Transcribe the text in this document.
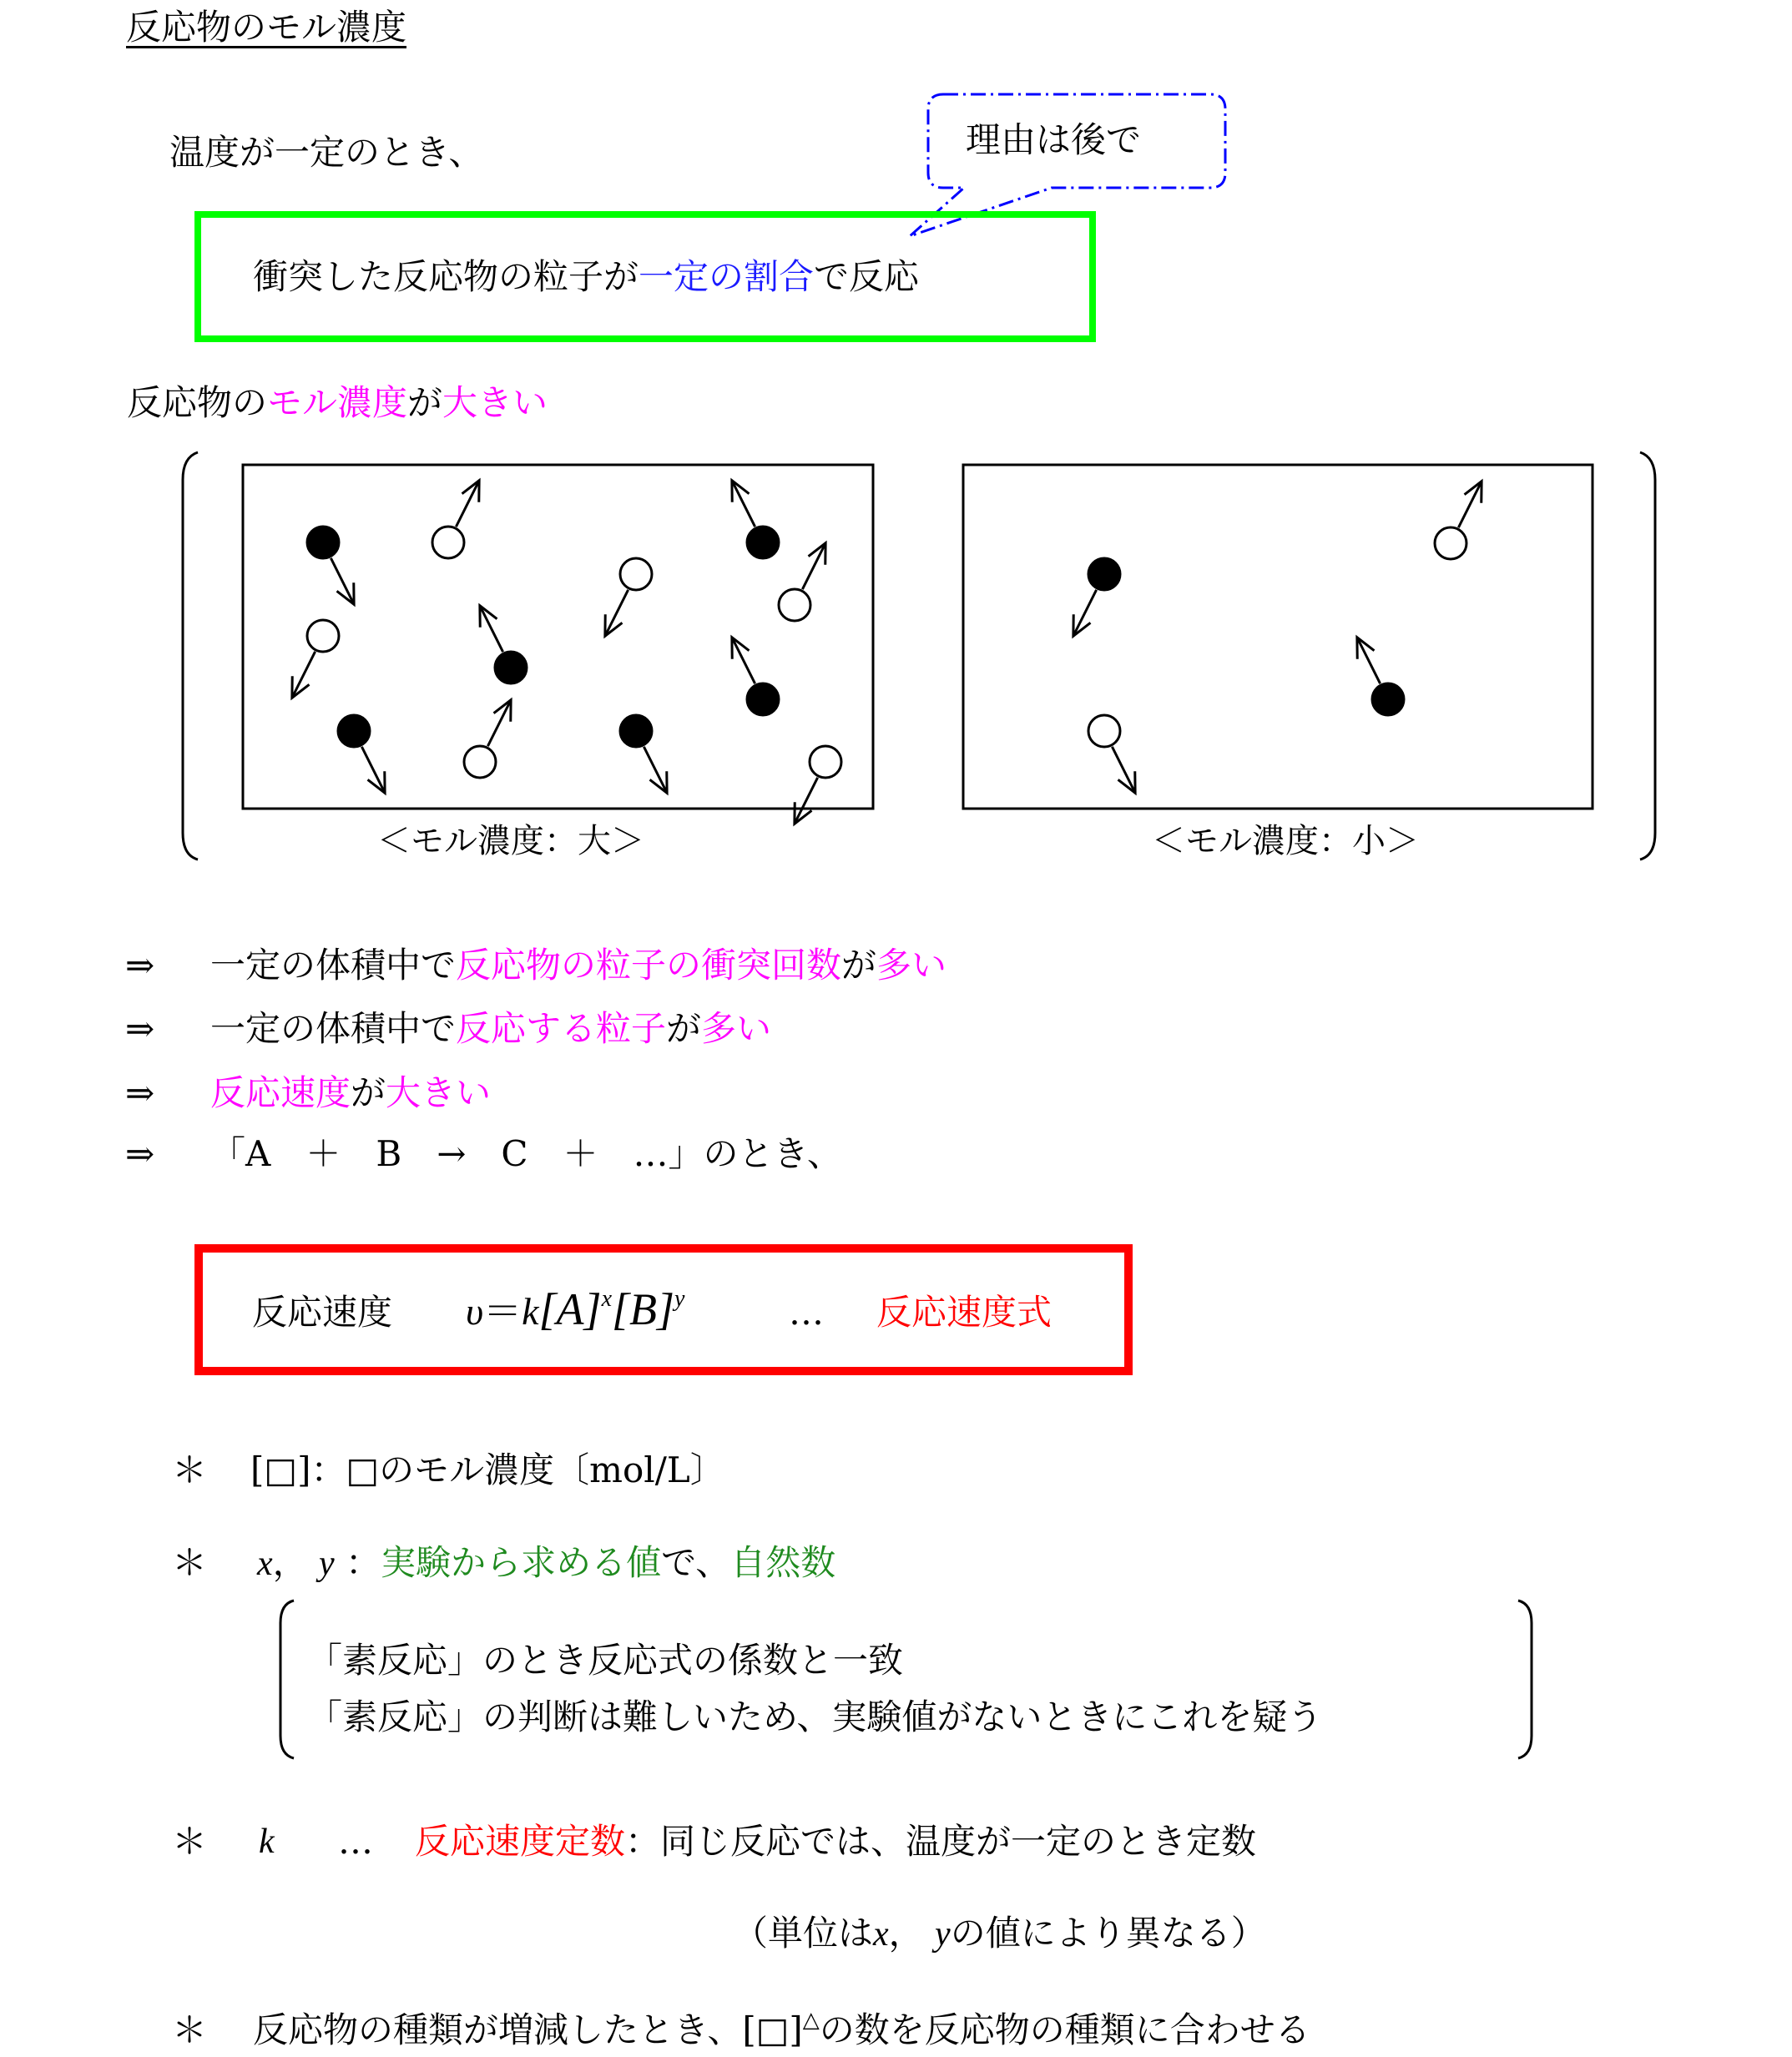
反応物のモル濃度
温度が一定のとき、	理由は後で
衝突した反応物の粒子が一定の割合で反応
反応物のモル濃度が大きい
＜モル濃度：大＞	＜モル濃度：小＞
⇒ 一定の体積中で反応物の粒子の衝突回数が多い
⇒ 一定の体積中で反応する粒子が多い
⇒ 反応速度が大きい
⇒ 「A　＋　B　→　C　＋　…」のとき、
反応速度 $\upsilon=k[A]^x[B]^y$	… 反応速度式
＊ [□]：□のモル濃度〔mol/L〕
＊ x， y ：実験から求める値で、自然数
「素反応」のとき反応式の係数と一致
「素反応」の判断は難しいため、実験値がないときにこれを疑う
＊ k … 反応速度定数：同じ反応では、温度が一定のとき定数
（単位はx， yの値により異なる）
＊ 反応物の種類が増減したとき、[□]△の数を反応物の種類に合わせる
